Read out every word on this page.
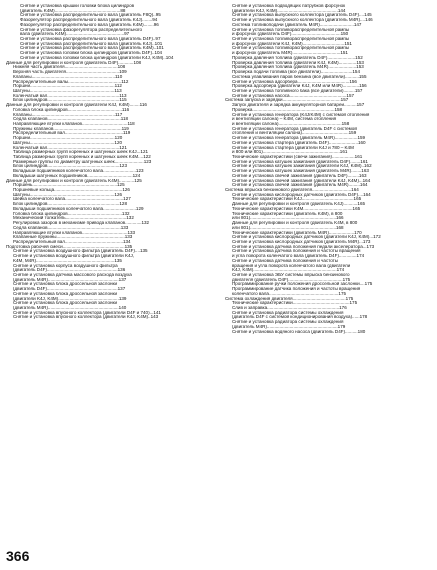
Снятие и установка крышки головки блока цилиндров
(двигатель K4M)....................................................88
Снятие и установка распределительного вала (двигатель F8Q)..95
Фазорегулятор распределительного вала (двигатель K4J)........94
Фазорегулятор распределительного вала (двигатель K4M)........96
Снятие и установка фазорегулятора распределительного
вала (двигатель K4M)..............................................97
Снятие и установка распределительного вала (двигатель D4F)..97
Снятие и установка распределительного вала (двигатель K4J)..101
Снятие и установка распределительного вала (двигатель K4M)..101
Снятие и установка головки блока цилиндров (двигатель D4F)..104
Снятие и установка головки блока цилиндров (двигатели K4J, K4M)..104
Данные для регулировки и контроля (двигатель D4F)............108
Нижняя часть двигателя..........................................108
Верхняя часть двигателя..........................................109
Клапаны..................................................................110
Распределительные валы..........................................112
Поршни...................................................................112
Шатуны...................................................................113
Коленчатый вал.........................................................113
Блок цилиндров.........................................................115
Данные для регулировки и контроля (двигатели K4J, K4M)........116
Головка блока цилиндров...........................................116
Клапаны..................................................................117
Седла клапанов..........................................................118
Направляющие втулки клапанов....................................118
Пружины клапанов......................................................119
Распределительный вал..............................................119
Поршни...................................................................120
Шатуны...................................................................120
Коленчатый вал.........................................................121
Таблица размерных групп коренных и шатунных шеек K4J...121
Таблица размерных групп коренных и шатунных шеек K4M....122
Размерные группы по диаметру шатунных шеек.......................123
Блок цилиндров.........................................................123
Вкладыши подшипников коленчатого вала..........................123
Вкладыши шатунных подшипников....................................124
Данные для регулировки и контроля (двигатель K4M)............125
Поршень...................................................................125
Поршневые кольца......................................................126
Шатуны...................................................................126
Шейка коленчатого вала..............................................127
Блок цилиндров.........................................................128
Вкладыши подшипников коленчатого вала..........................129
Головка блока цилиндров...........................................132
Механический толкатель................................................132
Регулировка зазоров в механизме привода клапанов.............132
Седла клапанов..........................................................133
Направляющие втулки клапанов....................................133
Клапанные пружины......................................................133
Распределительный вал..............................................134
Подготовка рабочей смеси.................................................135
Снятие и установка воздушного фильтра (двигатель D4F)....135
Снятие и установка воздушного фильтра (двигатели K4J,
K4M, M4R)..............................................................135
Снятие и установка корпуса воздушного фильтра
(двигатель D4F)........................................................136
Снятие и установка датчика массового расхода воздуха
(двигатель M4R)........................................................137
Снятие и установка блока дроссельной заслонки
(двигатель D4F)........................................................137
Снятие и установка блока дроссельной заслонки
(двигатели K4J, K4M)................................................139
Снятие и установка блока дроссельной заслонки
(двигатель M4R)........................................................140
Снятие и установка впускного коллектора (двигатели D4F и 740)...141
Снятие и установка впускного коллектора (двигатели K4J, K4M)..143
Снятие и установка подводящих патрубков форсунок
(двигатели K4J, K4M)................................................144
Снятие и установка выпускного коллектора (двигатель D4F)....145
Снятие и установка выпускного коллектора (двигатель M4R)....146
Система топливоподачи (двигатель M4R)...........................147
Снятие и установка топливораспределительной рампы
и форсунок (двигатель D4F).......................................150
Снятие и установка топливораспределительной рампы
и форсунок (двигатели K4J, K4M).................................151
Снятие и установка топливораспределительной рампы
и форсунок (двигатель M4R)......................................151
Проверка давления топлива (двигатель D4F)......................152
Проверка давления топлива (двигатели K4J, K4M)..............153
Проверка давления топлива (двигатель M4R)......................153
Проверка подачи топлива (все двигатели).........................154
Система улавливания паров бензина (все двигатели)...........155
Снятие и установка адсорбера.........................................156
Проверка адсорбера (двигатели K4J, K4M или M4R).............156
Снятие и установка топливного бака (все двигатели).........157
Снятие и установка насоса.............................................157
Система запуска и зарядки..............................................157
Запуск двигателя и зарядка аккумуляторной батареи..........157
Проверка.................................................................158
Снятие и установка генератора (K4J/K4M) с системой отопления
и вентиляции салона) – K4M, система отопления
и вентиляции салона)..................................................158
Снятие и установка генератора (двигатель D4F с системой
отопления и вентиляции салона).....................................159
Снятие и установка генератора (двигатель M4R)..................159
Снятие и установка стартера (двигатель D4F).......................160
Снятие и установка стартера (двигатели K4J и 780 – K4M
и 800 или 801).............................................................161
Технические характеристики (свечи зажигания)..................161
Снятие и установка катушек зажигания (двигатель D4F)........161
Снятие и установка катушек зажигания (двигатели K4J, K4M)..162
Снятие и установка катушек зажигания (двигатель M4R)........163
Снятие и установка свечей зажигания (двигатель D4F).........163
Снятие и установка свечей зажигания (двигатели K4J, K4M)...164
Снятие и установка свечей зажигания (двигатель M4R).........164
Система впрыска бензинового двигателя...............................164
Снятие и установка кислородных датчиков (двигатель D4F)....164
Технические характеристики K4J.........................................165
Данные для регулировки и контроля (двигатель K4J)...........165
Технические характеристики K4M.......................................165
Технические характеристики (двигатель K4M), в 800
или 801)....................................................................166
Данные для регулировки и контроля (двигатель K4M, в 800
или 801)....................................................................168
Технические характеристики (двигатель M4R)....................170
Снятие и установка кислородных датчиков (двигатели K4J, K4M)...172
Снятие и установка кислородных датчиков (двигатель M4R)...173
Снятие и установка датчика положения педали акселератора...173
Снятие и установка датчика положения и частоты вращения
и угла поворота коленчатого вала (двигатель D4F)..............174
Снятие и установка датчика положения и частоты
вращения и угла поворота коленчатого вала (двигатели
K4J, K4M)..................................................................174
Снятие и установка ЭБУ системы впрыска бензинового
двигателя (двигатель D4F)...........................................175
Программирование ручки положения дроссельной заслонки....175
Программирование датчика положения и частоты вращения
коленчатого вала.......................................................175
Система охлаждения двигателя..........................................175
Технические характеристики.............................................175
Слив и заправка.........................................................176
Снятие и установка радиатора системы охлаждения
(двигатель D4F с системой кондиционирования воздуха)......178
Снятие и установка радиатора системы охлаждения
(двигатель M4R)........................................................179
Снятие и установка водяного насоса (двигатель D4F)..........180
366
